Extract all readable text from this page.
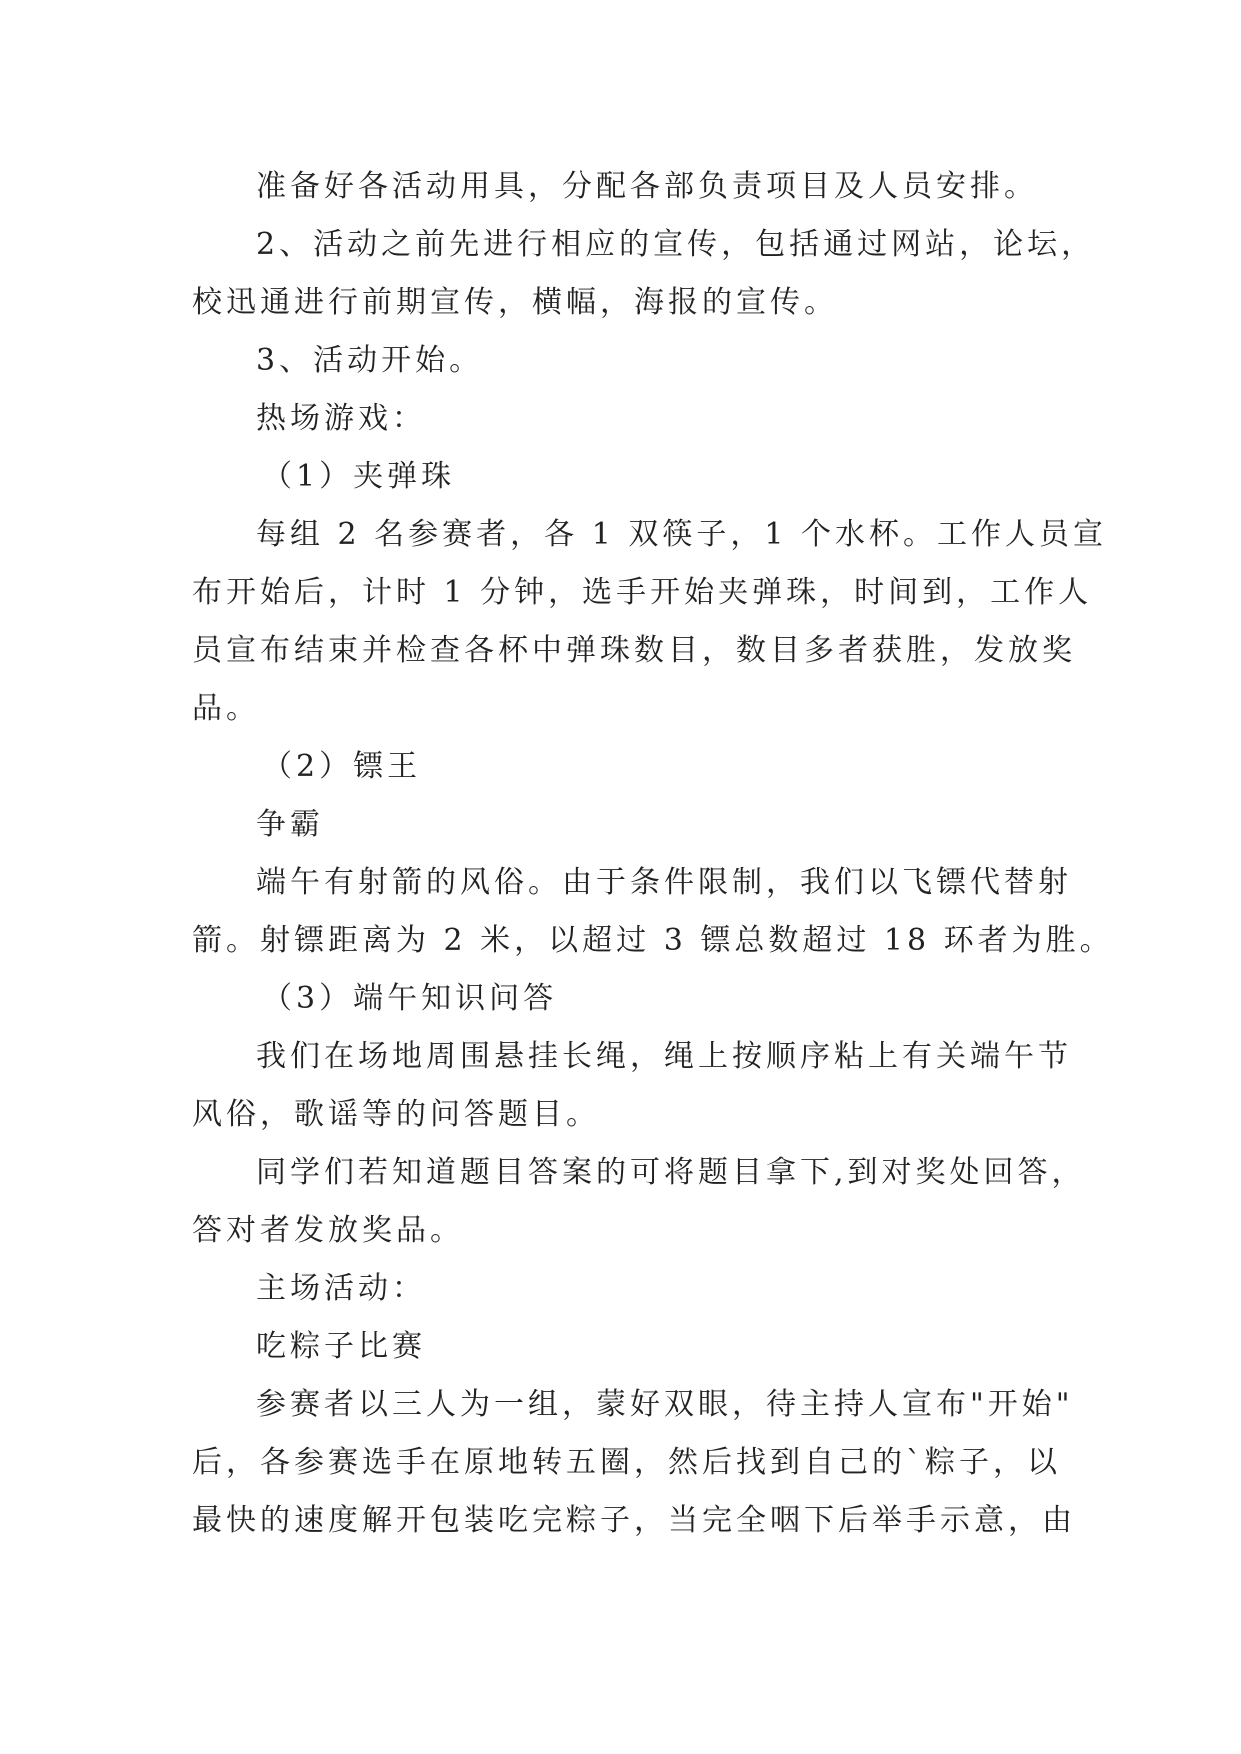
准备好各活动用具，分配各部负责项目及人员安排。

2、活动之前先进行相应的宣传，包括通过网站，论坛，

校迅通进行前期宣传，横幅，海报的宣传。

3、活动开始。

热场游戏：

（1）夹弹珠

每组 2 名参赛者，各 1 双筷子，1 个水杯。工作人员宣

布开始后，计时 1 分钟，选手开始夹弹珠，时间到，工作人

员宣布结束并检查各杯中弹珠数目，数目多者获胜，发放奖

品。

（2）镖王

争霸

端午有射箭的风俗。由于条件限制，我们以飞镖代替射

箭。射镖距离为 2 米，以超过 3 镖总数超过 18 环者为胜。

（3）端午知识问答

我们在场地周围悬挂长绳，绳上按顺序粘上有关端午节

风俗，歌谣等的问答题目。

同学们若知道题目答案的可将题目拿下,到对奖处回答，

答对者发放奖品。

主场活动：

吃粽子比赛

参赛者以三人为一组，蒙好双眼，待主持人宣布"开始"

后，各参赛选手在原地转五圈，然后找到自己的`粽子，以

最快的速度解开包装吃完粽子，当完全咽下后举手示意，由
